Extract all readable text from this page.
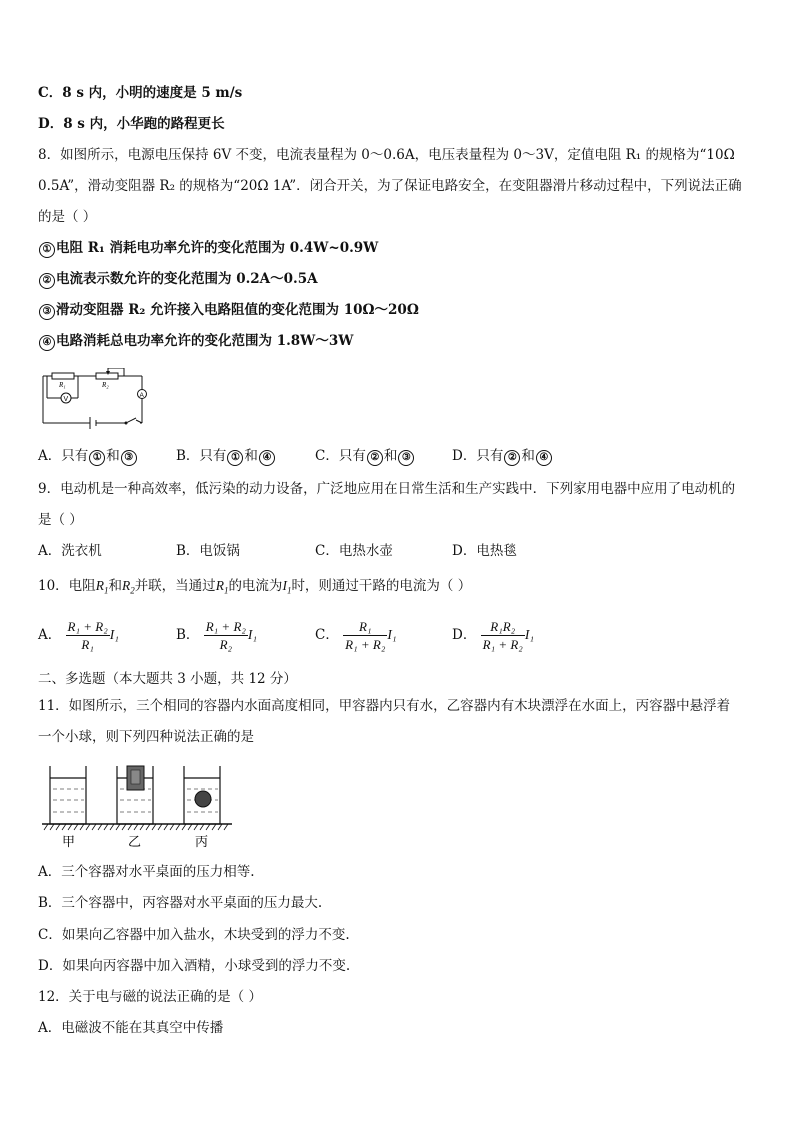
C．8 s 内，小明的速度是 5 m/s
D．8 s 内，小华跑的路程更长
8．如图所示，电源电压保持 6V 不变，电流表量程为 0～0.6A，电压表量程为 0～3V，定值电阻 R₁ 的规格为“10Ω
0.5A”，滑动变阻器 R₂ 的规格为“20Ω 1A”．闭合开关，为了保证电路安全，在变阻器滑片移动过程中，下列说法正确
的是（ ）
① 电阻 R₁ 消耗电功率允许的变化范围为 0.4W~0.9W
② 电流表示数允许的变化范围为 0.2A～0.5A
③ 滑动变阻器 R₂ 允许接入电路阻值的变化范围为 10Ω～20Ω
④ 电路消耗总电功率允许的变化范围为 1.8W～3W
R₁	R₂
V
A
A．只有 ① 和 ③	B．只有 ① 和 ④	C．只有 ② 和 ③	D．只有 ② 和 ④
9．电动机是一种高效率，低污染的动力设备，广泛地应用在日常生活和生产实践中．下列家用电器中应用了电动机的
是（ ）
A．洗衣机	B．电饭锅	C．电热水壶	D．电热毯
10．电阻$R_1$和$R_2$并联，当通过$R_1$的电流为$I_1$时，则通过干路的电流为（ ）
A． $\frac{\text{R₁ + R₂}}{\text{R₁}} I_1$	B． $\frac{\text{R₁ + R₂}}{\text{R₂}} I_1$	C． $\frac{\text{R₁}}{\text{R₁ + R₂}} I_1$	D． $\frac{\text{R₁R₂}}{\text{R₁ + R₂}} I_1$
二、多选题（本大题共 3 小题，共 12 分）
11．如图所示，三个相同的容器内水面高度相同，甲容器内只有水，乙容器内有木块漂浮在水面上，丙容器中悬浮着
一个小球，则下列四种说法正确的是
甲	乙	丙
A．三个容器对水平桌面的压力相等.
B．三个容器中，丙容器对水平桌面的压力最大.
C．如果向乙容器中加入盐水，木块受到的浮力不变.
D．如果向丙容器中加入酒精，小球受到的浮力不变.
12．关于电与磁的说法正确的是（ ）
A．电磁波不能在其真空中传播
